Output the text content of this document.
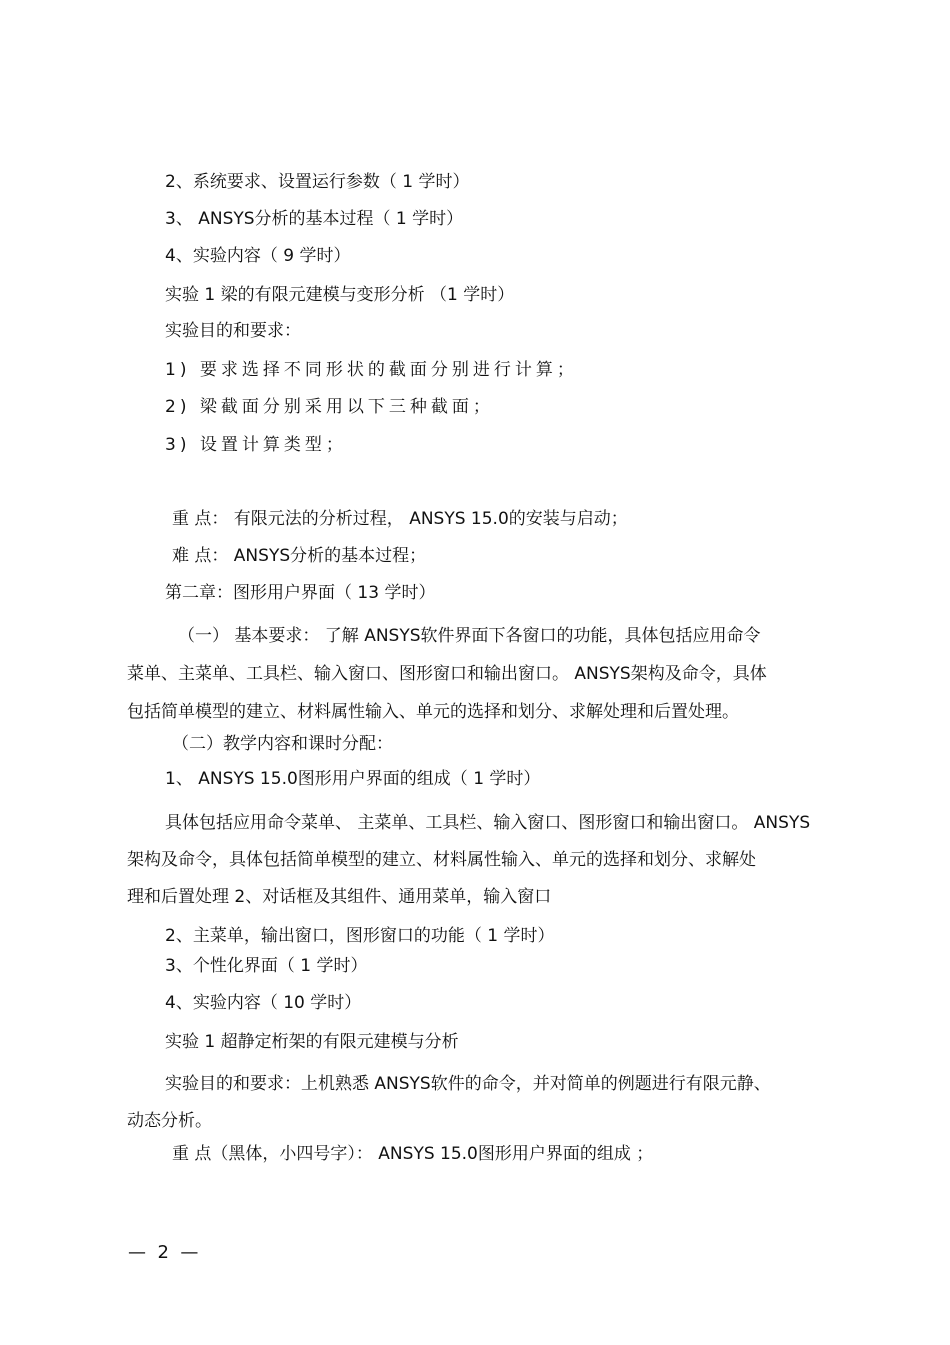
2、系统要求、设置运行参数（ 1 学时）
3、 ANSYS分析的基本过程（ 1 学时）
4、实验内容（ 9 学时）
实验 1 梁的有限元建模与变形分析 （1 学时）
实验目的和要求：
1) 要求选择不同形状的截面分别进行计算；
2) 梁截面分别采用以下三种截面；
3) 设置计算类型；
重 点： 有限元法的分析过程， ANSYS 15.0的安装与启动；
难 点： ANSYS分析的基本过程；
第二章：图形用户界面（ 13 学时）
（一） 基本要求： 了解 ANSYS软件界面下各窗口的功能，具体包括应用命令
菜单、主菜单、工具栏、输入窗口、图形窗口和输出窗口。 ANSYS架构及命令，具体
包括简单模型的建立、材料属性输入、单元的选择和划分、求解处理和后置处理。
（二）教学内容和课时分配：
1、 ANSYS 15.0图形用户界面的组成（ 1 学时）
具体包括应用命令菜单、 主菜单、工具栏、输入窗口、图形窗口和输出窗口。 ANSYS
架构及命令，具体包括简单模型的建立、材料属性输入、单元的选择和划分、求解处
理和后置处理 2、对话框及其组件、通用菜单，输入窗口
2、主菜单，输出窗口，图形窗口的功能（ 1 学时）
3、个性化界面（ 1 学时）
4、实验内容（ 10 学时）
实验 1 超静定桁架的有限元建模与分析
实验目的和要求：上机熟悉 ANSYS软件的命令，并对简单的例题进行有限元静、
动态分析。
重 点（黑体，小四号字）： ANSYS 15.0图形用户界面的组成 ；
—  2  —
